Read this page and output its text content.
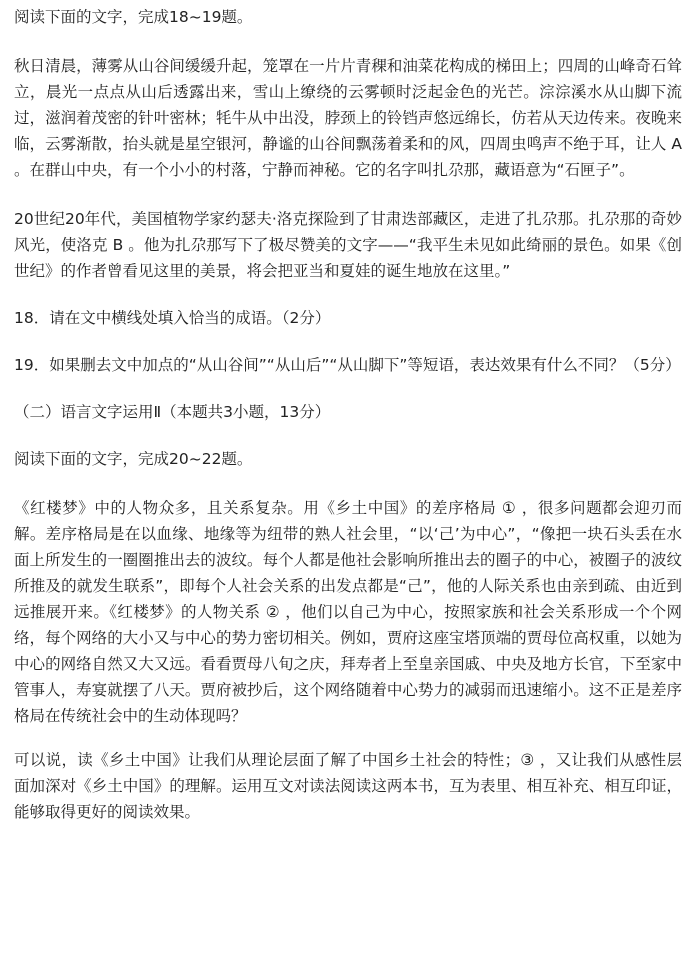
阅读下面的文字，完成18~19题。

秋日清晨，薄雾从山谷间缓缓升起，笼罩在一片片青稞和油菜花构成的梯田上；四周的山峰奇石耸立，晨光一点点从山后透露出来，雪山上缭绕的云雾顿时泛起金色的光芒。淙淙溪水从山脚下流过，滋润着茂密的针叶密林；牦牛从中出没，脖颈上的铃铛声悠远绵长，仿若从天边传来。夜晚来临，云雾渐散，抬头就是星空银河，静谧的山谷间飘荡着柔和的风，四周虫鸣声不绝于耳，让人 A 。在群山中央，有一个小小的村落，宁静而神秘。它的名字叫扎尕那，藏语意为“石匣子”。

20世纪20年代，美国植物学家约瑟夫·洛克探险到了甘肃迭部藏区，走进了扎尕那。扎尕那的奇妙风光，使洛克 B 。他为扎尕那写下了极尽赞美的文字——“我平生未见如此绮丽的景色。如果《创世纪》的作者曾看见这里的美景，将会把亚当和夏娃的诞生地放在这里。”

18．请在文中横线处填入恰当的成语。（2分）

19．如果删去文中加点的“从山谷间”“从山后”“从山脚下”等短语，表达效果有什么不同？（5分）

（二）语言文字运用Ⅱ（本题共3小题，13分）

阅读下面的文字，完成20~22题。

《红楼梦》中的人物众多，且关系复杂。用《乡土中国》的差序格局 ① ，很多问题都会迎刃而解。差序格局是在以血缘、地缘等为纽带的熟人社会里，“以‘己’为中心”，“像把一块石头丢在水面上所发生的一圈圈推出去的波纹。每个人都是他社会影响所推出去的圈子的中心，被圈子的波纹所推及的就发生联系”，即每个人社会关系的出发点都是“己”，他的人际关系也由亲到疏、由近到远推展开来。《红楼梦》的人物关系 ② ，他们以自己为中心，按照家族和社会关系形成一个个网络，每个网络的大小又与中心的势力密切相关。例如，贾府这座宝塔顶端的贾母位高权重，以她为中心的网络自然又大又远。看看贾母八旬之庆，拜寿者上至皇亲国戚、中央及地方长官，下至家中管事人，寿宴就摆了八天。贾府被抄后，这个网络随着中心势力的减弱而迅速缩小。这不正是差序格局在传统社会中的生动体现吗？

可以说，读《乡土中国》让我们从理论层面了解了中国乡土社会的特性；③ ，又让我们从感性层面加深对《乡土中国》的理解。运用互文对读法阅读这两本书，互为表里、相互补充、相互印证，能够取得更好的阅读效果。
